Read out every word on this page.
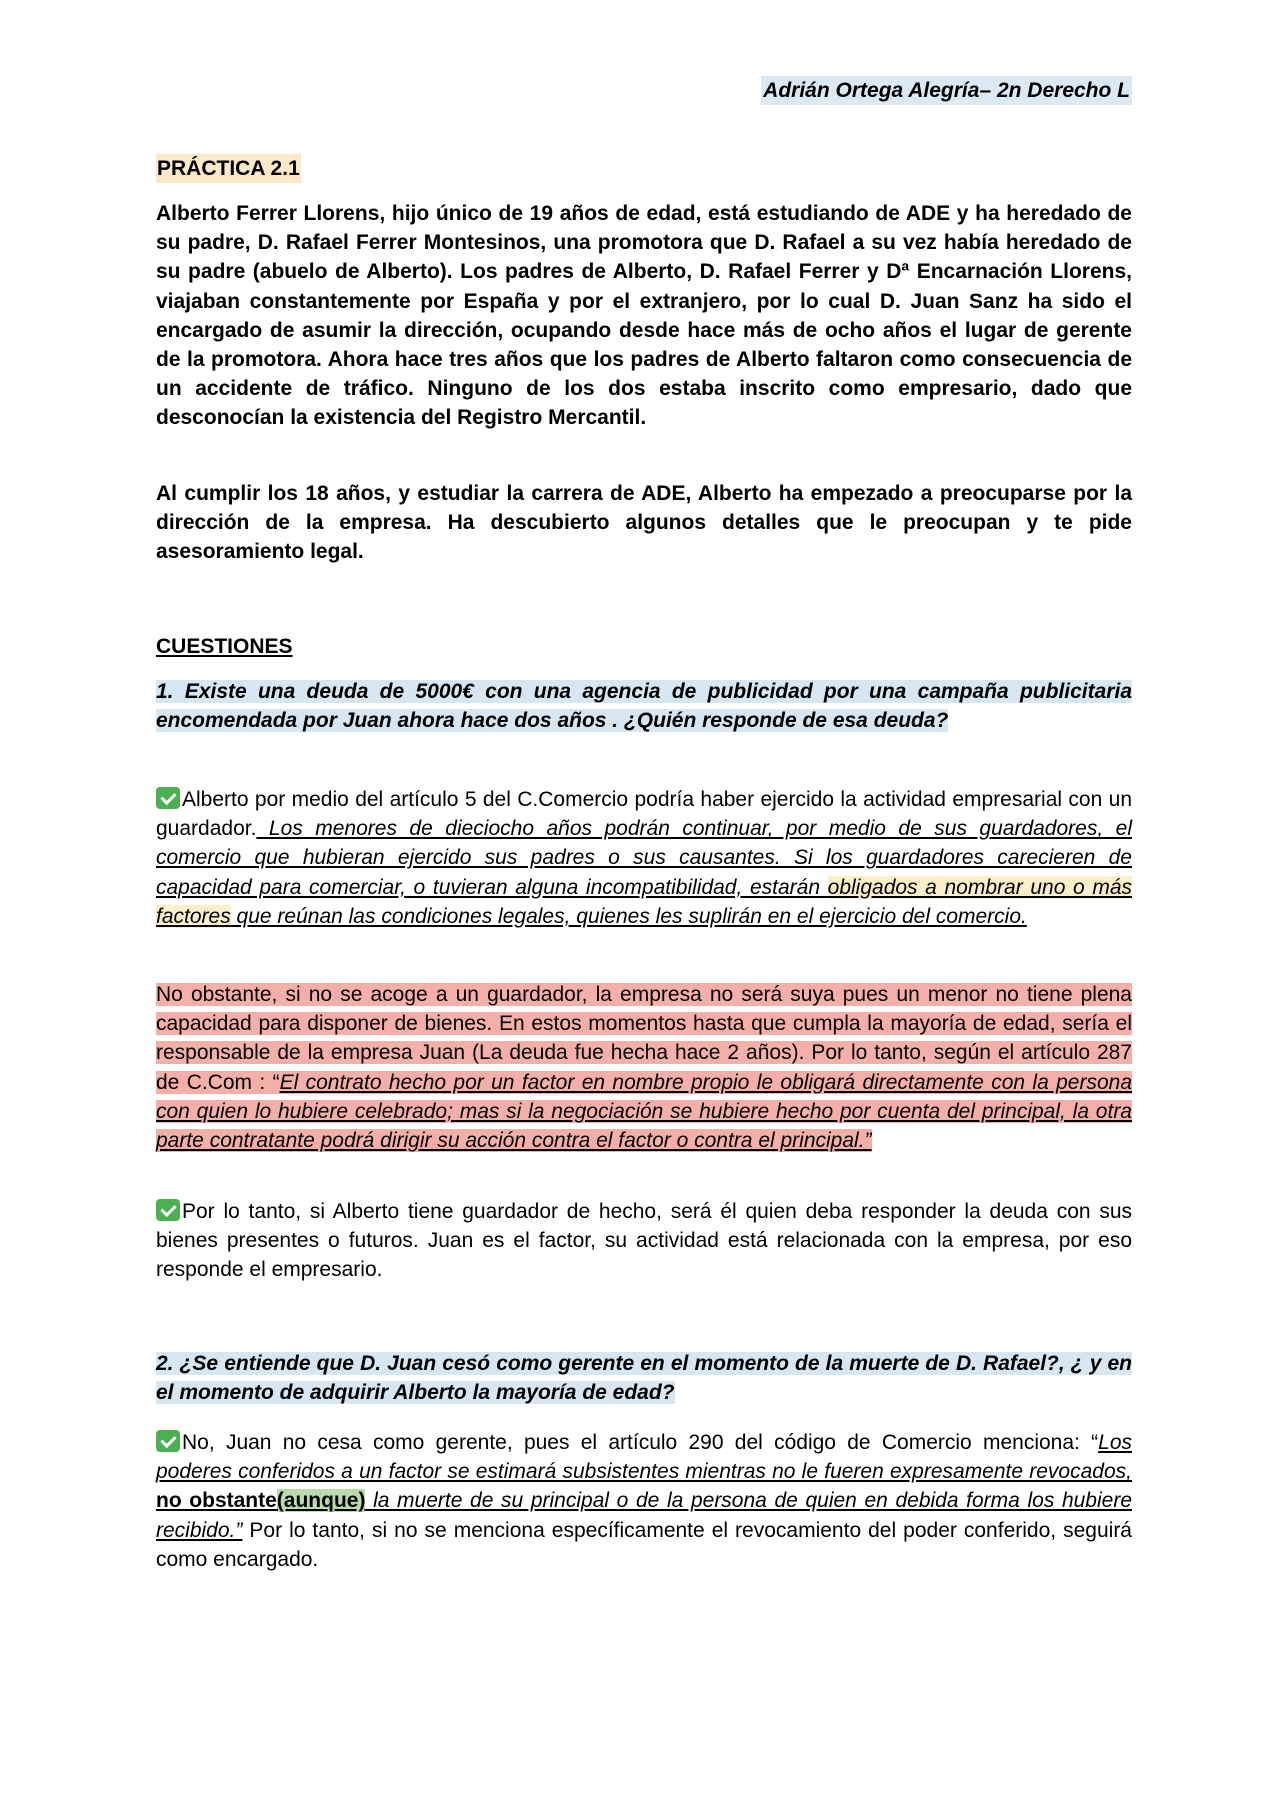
Adrián Ortega Alegría– 2n Derecho L
PRÁCTICA 2.1

Alberto Ferrer Llorens, hijo único de 19 años de edad, está estudiando de ADE y ha heredado de su padre, D. Rafael Ferrer Montesinos, una promotora que D. Rafael a su vez había heredado de su padre (abuelo de Alberto). Los padres de Alberto, D. Rafael Ferrer y Dª Encarnación Llorens, viajaban constantemente por España y por el extranjero, por lo cual D. Juan Sanz ha sido el encargado de asumir la dirección, ocupando desde hace más de ocho años el lugar de gerente de la promotora. Ahora hace tres años que los padres de Alberto faltaron como consecuencia de un accidente de tráfico. Ninguno de los dos estaba inscrito como empresario, dado que desconocían la existencia del Registro Mercantil.

Al cumplir los 18 años, y estudiar la carrera de ADE, Alberto ha empezado a preocuparse por la dirección de la empresa. Ha descubierto algunos detalles que le preocupan y te pide asesoramiento legal.

CUESTIONES

1. Existe una deuda de 5000€ con una agencia de publicidad por una campaña publicitaria encomendada por Juan ahora hace dos años . ¿Quién responde de esa deuda?

Alberto por medio del artículo 5 del C.Comercio podría haber ejercido la actividad empresarial con un guardador. Los menores de dieciocho años podrán continuar, por medio de sus guardadores, el comercio que hubieran ejercido sus padres o sus causantes. Si los guardadores carecieren de capacidad para comerciar, o tuvieran alguna incompatibilidad, estarán obligados a nombrar uno o más factores que reúnan las condiciones legales, quienes les suplirán en el ejercicio del comercio.

No obstante, si no se acoge a un guardador, la empresa no será suya pues un menor no tiene plena capacidad para disponer de bienes. En estos momentos hasta que cumpla la mayoría de edad, sería el responsable de la empresa Juan (La deuda fue hecha hace 2 años). Por lo tanto, según el artículo 287 de C.Com : “El contrato hecho por un factor en nombre propio le obligará directamente con la persona con quien lo hubiere celebrado; mas si la negociación se hubiere hecho por cuenta del principal, la otra parte contratante podrá dirigir su acción contra el factor o contra el principal.”

Por lo tanto, si Alberto tiene guardador de hecho, será él quien deba responder la deuda con sus bienes presentes o futuros. Juan es el factor, su actividad está relacionada con la empresa, por eso responde el empresario.

2. ¿Se entiende que D. Juan cesó como gerente en el momento de la muerte de D. Rafael?, ¿ y en el momento de adquirir Alberto la mayoría de edad?

No, Juan no cesa como gerente, pues el artículo 290 del código de Comercio menciona: “Los poderes conferidos a un factor se estimará subsistentes mientras no le fueren expresamente revocados, no obstante(aunque) la muerte de su principal o de la persona de quien en debida forma los hubiere recibido.” Por lo tanto, si no se menciona específicamente el revocamiento del poder conferido, seguirá como encargado.
